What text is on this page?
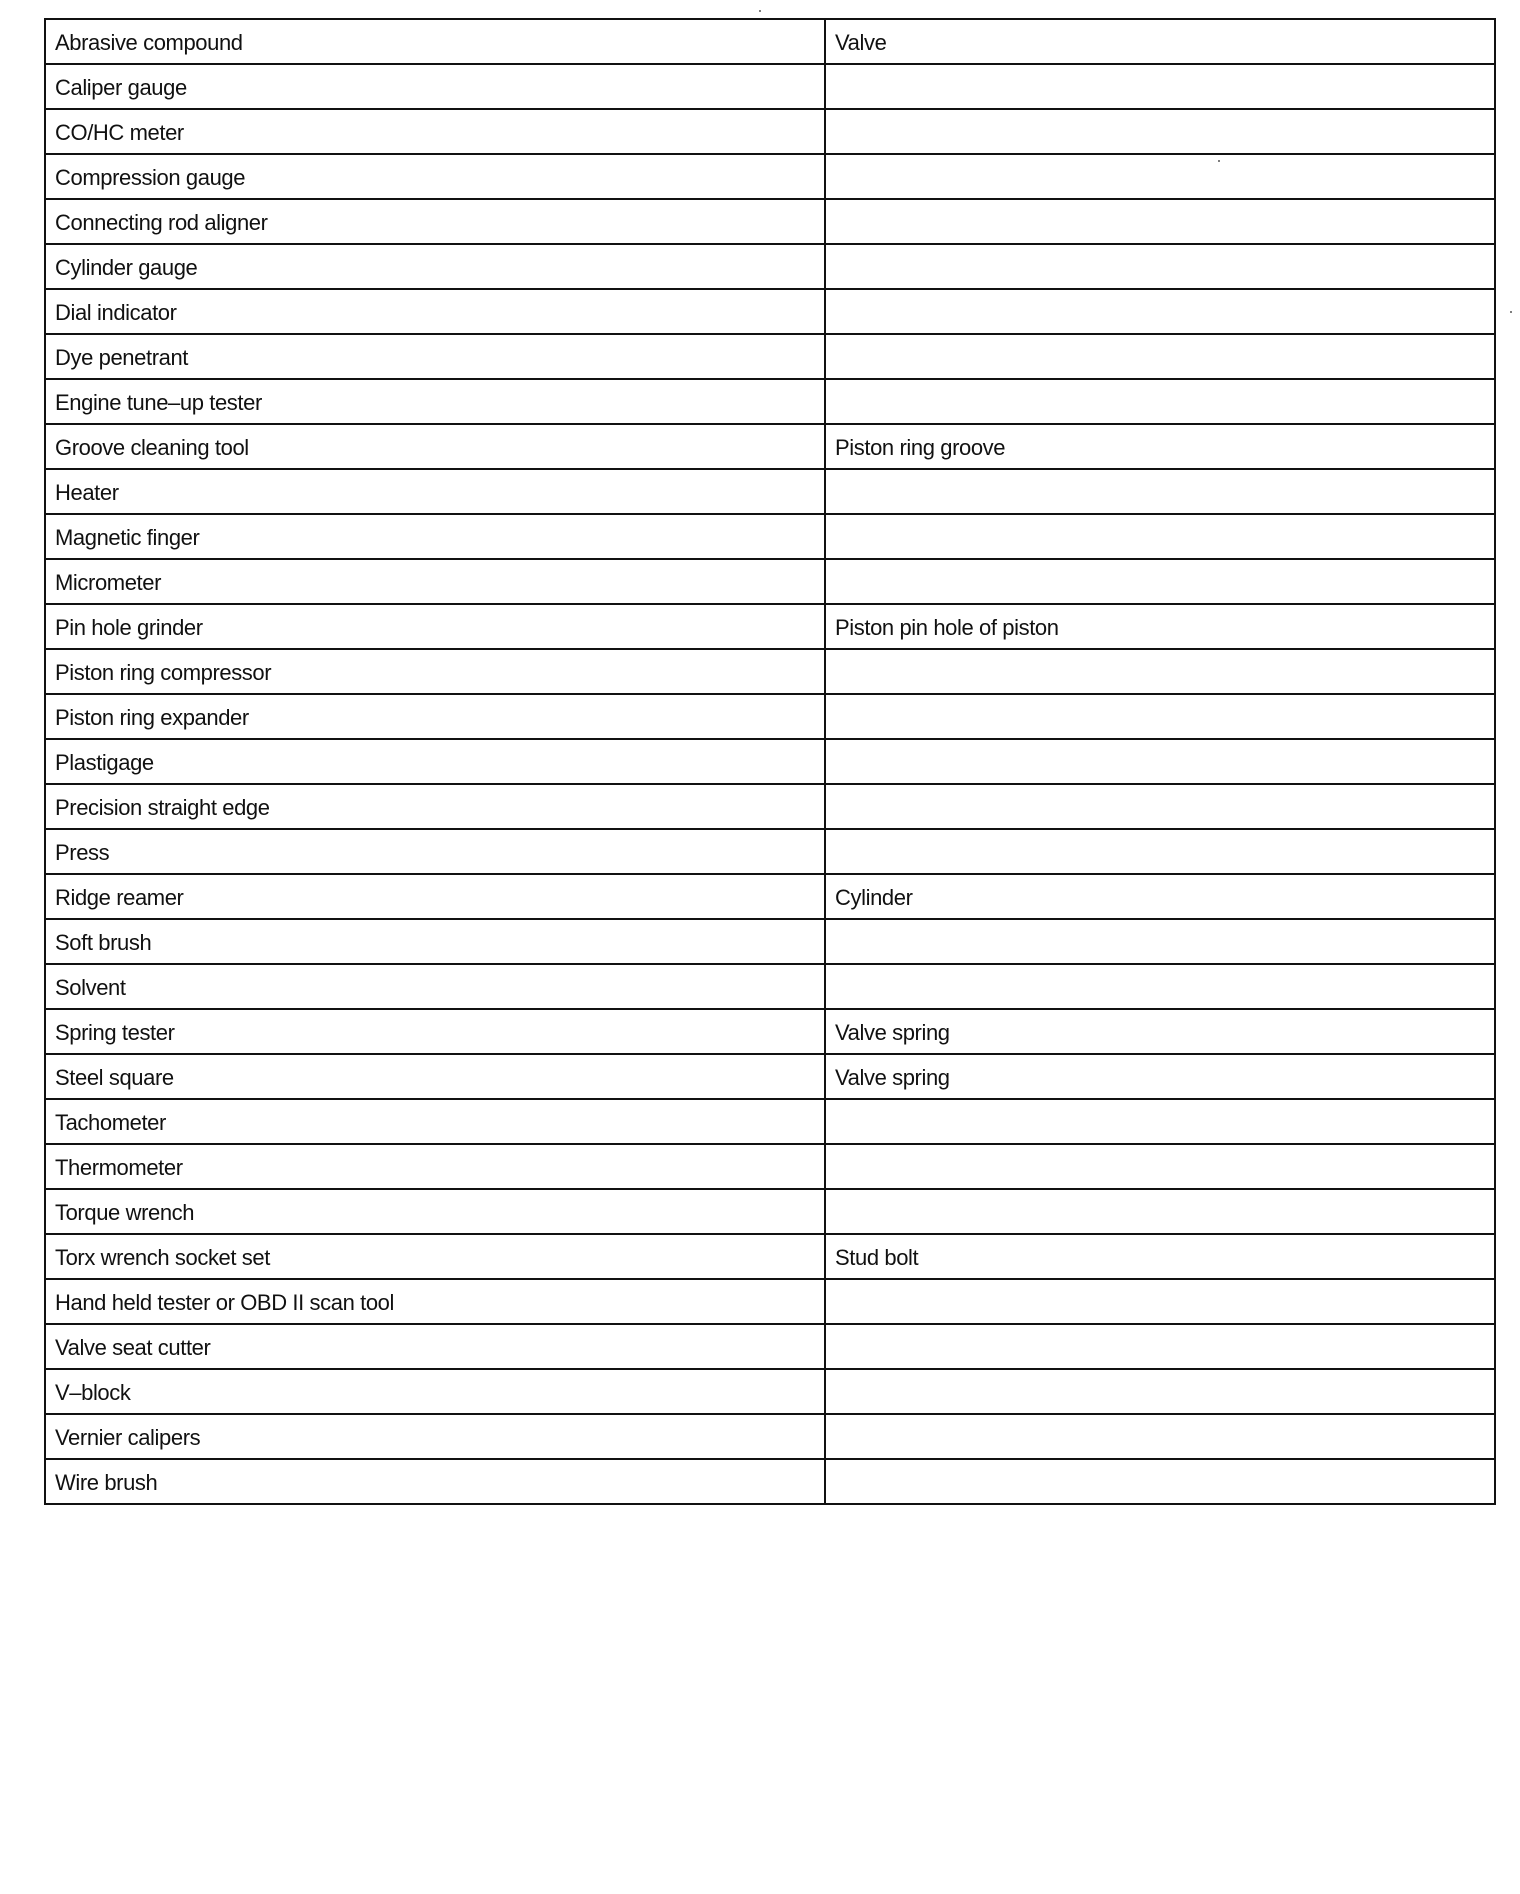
Abrasive compound	Valve
Caliper gauge	
CO/HC meter	
Compression gauge	
Connecting rod aligner	
Cylinder gauge	
Dial indicator	
Dye penetrant	
Engine tune–up tester	
Groove cleaning tool	Piston ring groove
Heater	
Magnetic finger	
Micrometer	
Pin hole grinder	Piston pin hole of piston
Piston ring compressor	
Piston ring expander	
Plastigage	
Precision straight edge	
Press	
Ridge reamer	Cylinder
Soft brush	
Solvent	
Spring tester	Valve spring
Steel square	Valve spring
Tachometer	
Thermometer	
Torque wrench	
Torx wrench socket set	Stud bolt
Hand held tester or OBD II scan tool	
Valve seat cutter	
V–block	
Vernier calipers	
Wire brush	
